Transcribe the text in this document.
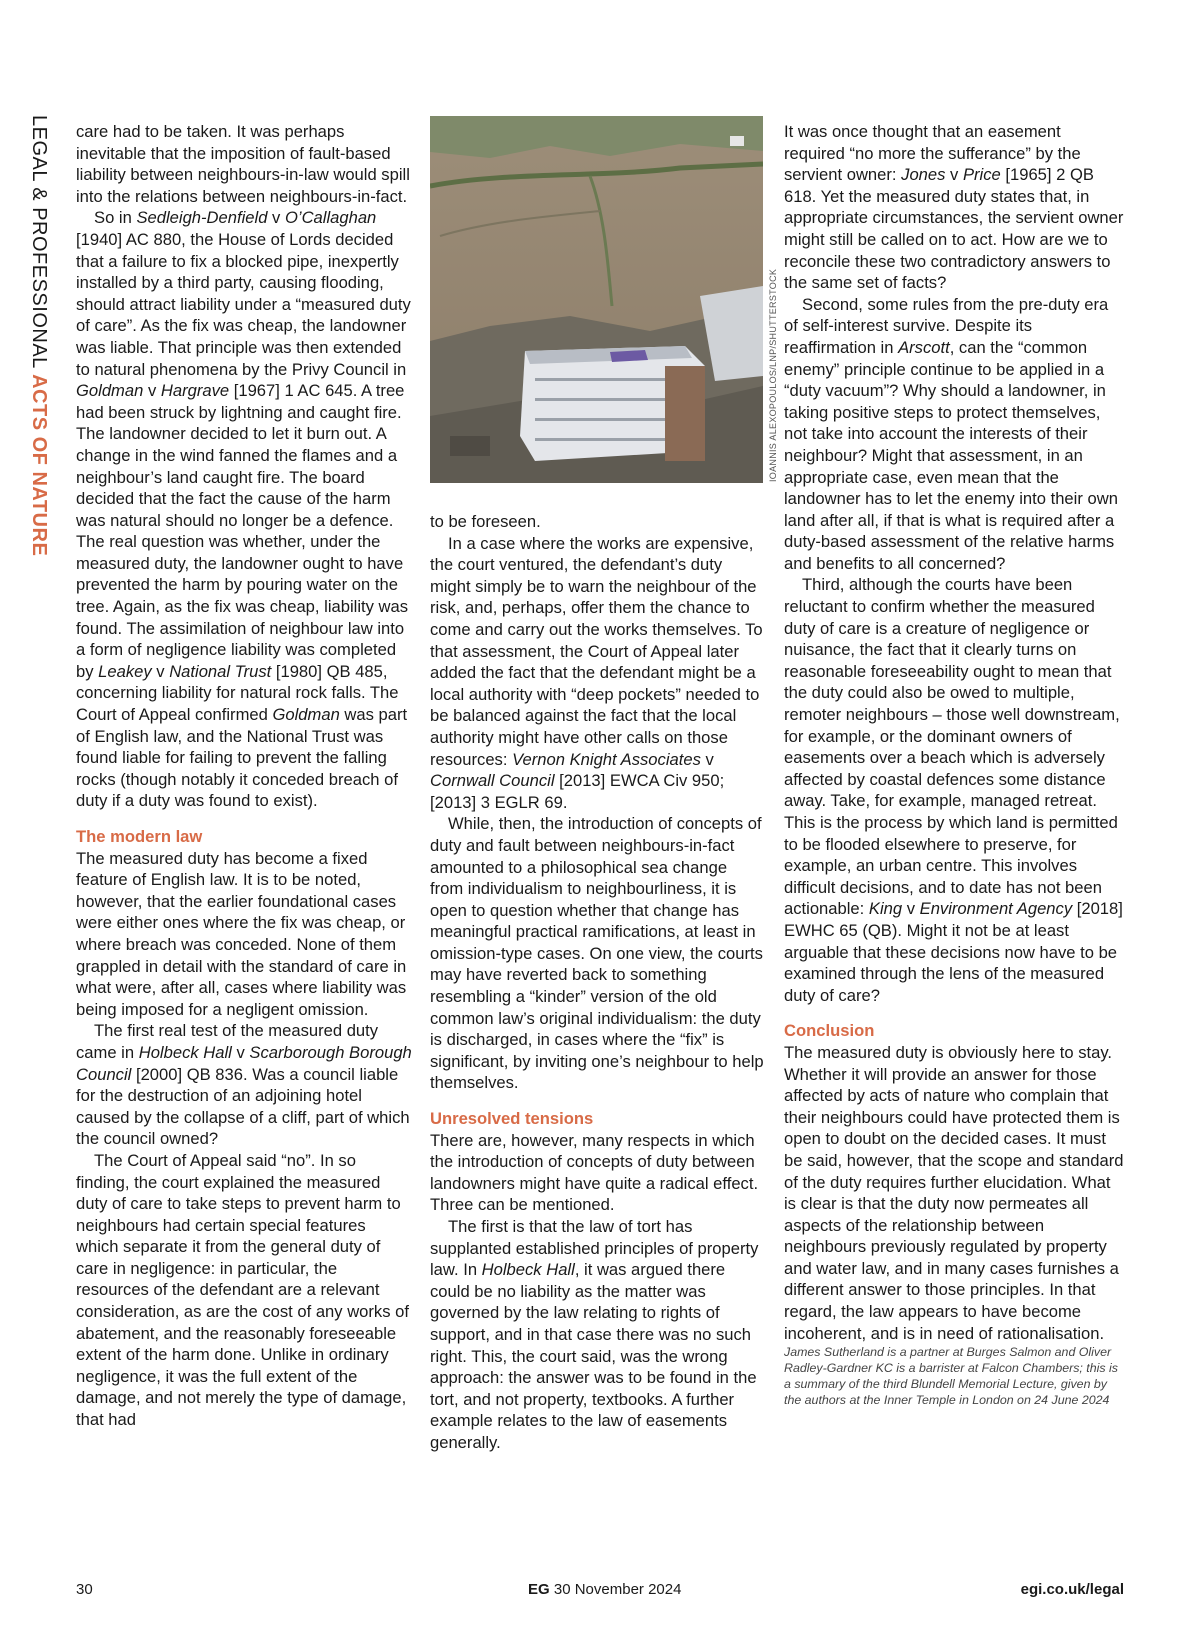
LEGAL & PROFESSIONAL ACTS OF NATURE

care had to be taken. It was perhaps inevitable that the imposition of fault-based liability between neighbours-in-law would spill into the relations between neighbours-in-fact.

So in Sedleigh-Denfield v O’Callaghan [1940] AC 880, the House of Lords decided that a failure to fix a blocked pipe, inexpertly installed by a third party, causing flooding, should attract liability under a “measured duty of care”. As the fix was cheap, the landowner was liable. That principle was then extended to natural phenomena by the Privy Council in Goldman v Hargrave [1967] 1 AC 645. A tree had been struck by lightning and caught fire. The landowner decided to let it burn out. A change in the wind fanned the flames and a neighbour’s land caught fire. The board decided that the fact the cause of the harm was natural should no longer be a defence. The real question was whether, under the measured duty, the landowner ought to have prevented the harm by pouring water on the tree. Again, as the fix was cheap, liability was found. The assimilation of neighbour law into a form of negligence liability was completed by Leakey v National Trust [1980] QB 485, concerning liability for natural rock falls. The Court of Appeal confirmed Goldman was part of English law, and the National Trust was found liable for failing to prevent the falling rocks (though notably it conceded breach of duty if a duty was found to exist).

The modern law

The measured duty has become a fixed feature of English law. It is to be noted, however, that the earlier foundational cases were either ones where the fix was cheap, or where breach was conceded. None of them grappled in detail with the standard of care in what were, after all, cases where liability was being imposed for a negligent omission.

The first real test of the measured duty came in Holbeck Hall v Scarborough Borough Council [2000] QB 836. Was a council liable for the destruction of an adjoining hotel caused by the collapse of a cliff, part of which the council owned?

The Court of Appeal said “no”. In so finding, the court explained the measured duty of care to take steps to prevent harm to neighbours had certain special features which separate it from the general duty of care in negligence: in particular, the resources of the defendant are a relevant consideration, as are the cost of any works of abatement, and the reasonably foreseeable extent of the harm done. Unlike in ordinary negligence, it was the full extent of the damage, and not merely the type of damage, that had

IOANNIS ALEXOPOULOS/LNP/SHUTTERSTOCK

to be foreseen.

In a case where the works are expensive, the court ventured, the defendant’s duty might simply be to warn the neighbour of the risk, and, perhaps, offer them the chance to come and carry out the works themselves. To that assessment, the Court of Appeal later added the fact that the defendant might be a local authority with “deep pockets” needed to be balanced against the fact that the local authority might have other calls on those resources: Vernon Knight Associates v Cornwall Council [2013] EWCA Civ 950; [2013] 3 EGLR 69.

While, then, the introduction of concepts of duty and fault between neighbours-in-fact amounted to a philosophical sea change from individualism to neighbourliness, it is open to question whether that change has meaningful practical ramifications, at least in omission-type cases. On one view, the courts may have reverted back to something resembling a “kinder” version of the old common law’s original individualism: the duty is discharged, in cases where the “fix” is significant, by inviting one’s neighbour to help themselves.

Unresolved tensions

There are, however, many respects in which the introduction of concepts of duty between landowners might have quite a radical effect. Three can be mentioned.

The first is that the law of tort has supplanted established principles of property law. In Holbeck Hall, it was argued there could be no liability as the matter was governed by the law relating to rights of support, and in that case there was no such right. This, the court said, was the wrong approach: the answer was to be found in the tort, and not property, textbooks. A further example relates to the law of easements generally.

It was once thought that an easement required “no more the sufferance” by the servient owner: Jones v Price [1965] 2 QB 618. Yet the measured duty states that, in appropriate circumstances, the servient owner might still be called on to act. How are we to reconcile these two contradictory answers to the same set of facts?

Second, some rules from the pre-duty era of self-interest survive. Despite its reaffirmation in Arscott, can the “common enemy” principle continue to be applied in a “duty vacuum”? Why should a landowner, in taking positive steps to protect themselves, not take into account the interests of their neighbour? Might that assessment, in an appropriate case, even mean that the landowner has to let the enemy into their own land after all, if that is what is required after a duty-based assessment of the relative harms and benefits to all concerned?

Third, although the courts have been reluctant to confirm whether the measured duty of care is a creature of negligence or nuisance, the fact that it clearly turns on reasonable foreseeability ought to mean that the duty could also be owed to multiple, remoter neighbours – those well downstream, for example, or the dominant owners of easements over a beach which is adversely affected by coastal defences some distance away. Take, for example, managed retreat. This is the process by which land is permitted to be flooded elsewhere to preserve, for example, an urban centre. This involves difficult decisions, and to date has not been actionable: King v Environment Agency [2018] EWHC 65 (QB). Might it not be at least arguable that these decisions now have to be examined through the lens of the measured duty of care?

Conclusion

The measured duty is obviously here to stay. Whether it will provide an answer for those affected by acts of nature who complain that their neighbours could have protected them is open to doubt on the decided cases. It must be said, however, that the scope and standard of the duty requires further elucidation. What is clear is that the duty now permeates all aspects of the relationship between neighbours previously regulated by property and water law, and in many cases furnishes a different answer to those principles. In that regard, the law appears to have become incoherent, and is in need of rationalisation.

James Sutherland is a partner at Burges Salmon and Oliver Radley-Gardner KC is a barrister at Falcon Chambers; this is a summary of the third Blundell Memorial Lecture, given by the authors at the Inner Temple in London on 24 June 2024

30	EG 30 November 2024	egi.co.uk/legal
